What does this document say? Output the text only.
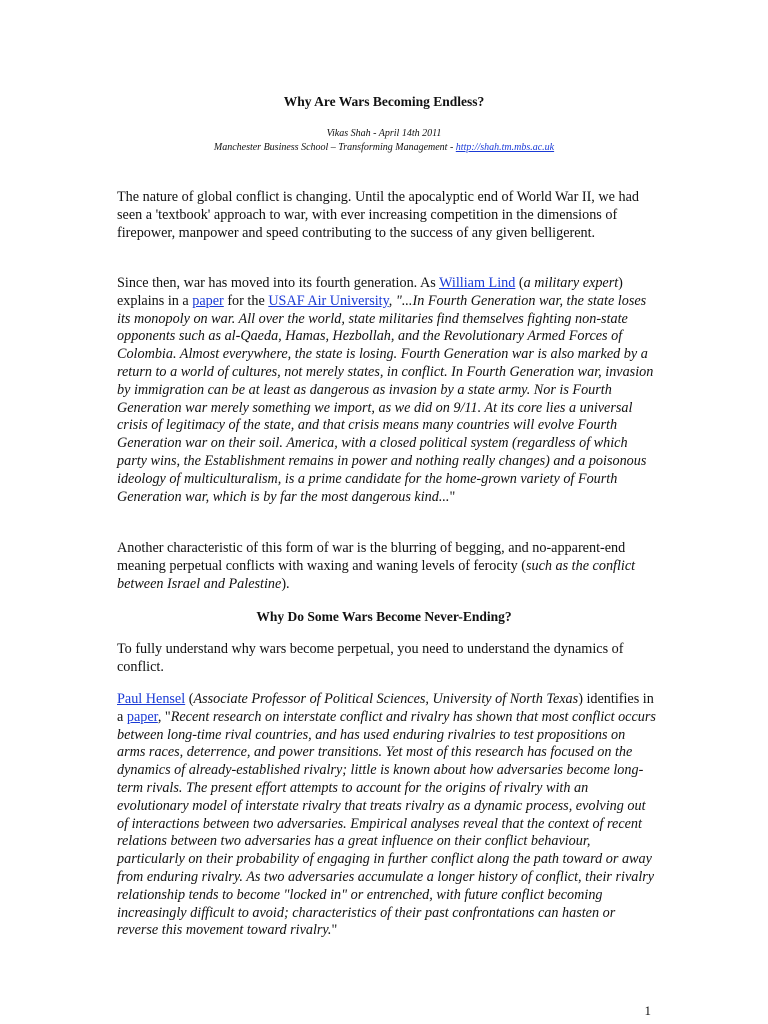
Why Are Wars Becoming Endless?
Vikas Shah - April 14th 2011
Manchester Business School – Transforming Management - http://shah.tm.mbs.ac.uk

The nature of global conflict is changing. Until the apocalyptic end of World War II, we had seen a 'textbook' approach to war, with ever increasing competition in the dimensions of firepower, manpower and speed contributing to the success of any given belligerent.

Since then, war has moved into its fourth generation. As William Lind (a military expert) explains in a paper for the USAF Air University, "...In Fourth Generation war, the state loses its monopoly on war. All over the world, state militaries find themselves fighting non-state opponents such as al-Qaeda, Hamas, Hezbollah, and the Revolutionary Armed Forces of Colombia. Almost everywhere, the state is losing. Fourth Generation war is also marked by a return to a world of cultures, not merely states, in conflict. In Fourth Generation war, invasion by immigration can be at least as dangerous as invasion by a state army. Nor is Fourth Generation war merely something we import, as we did on 9/11. At its core lies a universal crisis of legitimacy of the state, and that crisis means many countries will evolve Fourth Generation war on their soil. America, with a closed political system (regardless of which party wins, the Establishment remains in power and nothing really changes) and a poisonous ideology of multiculturalism, is a prime candidate for the home-grown variety of Fourth Generation war, which is by far the most dangerous kind..."

Another characteristic of this form of war is the blurring of begging, and no-apparent-end meaning perpetual conflicts with waxing and waning levels of ferocity (such as the conflict between Israel and Palestine).

Why Do Some Wars Become Never-Ending?

To fully understand why wars become perpetual, you need to understand the dynamics of conflict.

Paul Hensel (Associate Professor of Political Sciences, University of North Texas) identifies in a paper, "Recent research on interstate conflict and rivalry has shown that most conflict occurs between long-time rival countries, and has used enduring rivalries to test propositions on arms races, deterrence, and power transitions. Yet most of this research has focused on the dynamics of already-established rivalry; little is known about how adversaries become long-term rivals. The present effort attempts to account for the origins of rivalry with an evolutionary model of interstate rivalry that treats rivalry as a dynamic process, evolving out of interactions between two adversaries. Empirical analyses reveal that the context of recent relations between two adversaries has a great influence on their conflict behaviour, particularly on their probability of engaging in further conflict along the path toward or away from enduring rivalry. As two adversaries accumulate a longer history of conflict, their rivalry relationship tends to become "locked in" or entrenched, with future conflict becoming increasingly difficult to avoid; characteristics of their past confrontations can hasten or reverse this movement toward rivalry."

1
